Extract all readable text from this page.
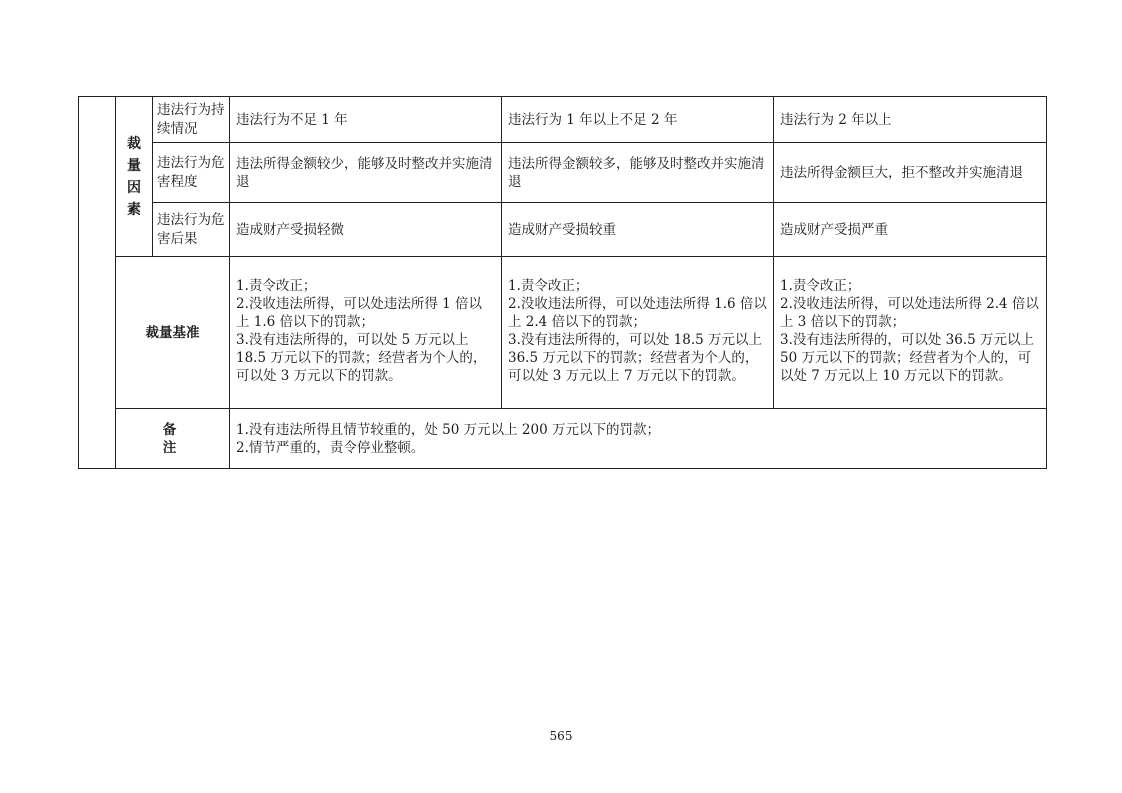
	裁量因素	违法行为持续情况	违法行为不足 1 年	违法行为 1 年以上不足 2 年	违法行为 2 年以上
		违法行为危害程度	违法所得金额较少，能够及时整改并实施清退	违法所得金额较多，能够及时整改并实施清退	违法所得金额巨大，拒不整改并实施清退
		违法行为危害后果	造成财产受损轻微	造成财产受损较重	造成财产受损严重
	裁量基准		1.责令改正；
2.没收违法所得，可以处违法所得 1 倍以上 1.6 倍以下的罚款；
3.没有违法所得的，可以处 5 万元以上 18.5 万元以下的罚款；经营者为个人的，可以处 3 万元以下的罚款。	1.责令改正；
2.没收违法所得，可以处违法所得 1.6 倍以上 2.4 倍以下的罚款；
3.没有违法所得的，可以处 18.5 万元以上 36.5 万元以下的罚款；经营者为个人的，可以处 3 万元以上 7 万元以下的罚款。	1.责令改正；
2.没收违法所得，可以处违法所得 2.4 倍以上 3 倍以下的罚款；
3.没有违法所得的，可以处 36.5 万元以上 50 万元以下的罚款；经营者为个人的，可以处 7 万元以上 10 万元以下的罚款。

	备注		1.没有违法所得且情节较重的，处 50 万元以上 200 万元以下的罚款；
2.情节严重的，责令停业整顿。		
565
